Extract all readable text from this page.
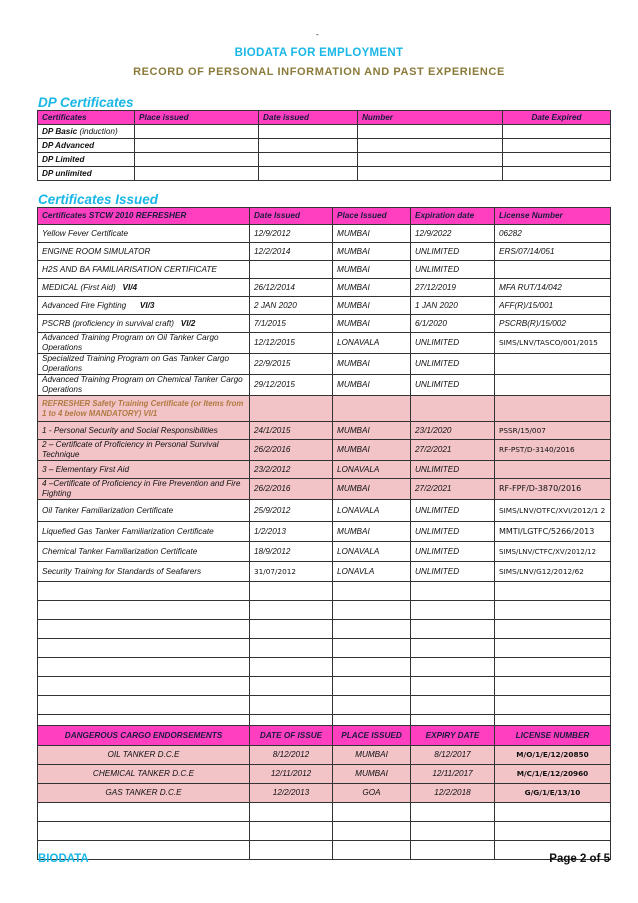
-
BIODATA FOR EMPLOYMENT
RECORD OF PERSONAL INFORMATION AND PAST EXPERIENCE
DP Certificates
Certificates	Place issued	Date issued	Number	Date Expired
DP Basic (induction)				
DP Advanced				
DP Limited				
DP unlimited				
Certificates Issued
Certificates STCW 2010 REFRESHER	Date Issued	Place Issued	Expiration date	License Number
Yellow Fever Certificate	12/9/2012	MUMBAI	12/9/2022	06282
ENGINE ROOM SIMULATOR	12/2/2014	MUMBAI	UNLIMITED	ERS/07/14/051
H2S AND BA FAMILIARISATION CERTIFICATE		MUMBAI	UNLIMITED	
MEDICAL (First Aid) VI/4	26/12/2014	MUMBAI	27/12/2019	MFA RUT/14/042
Advanced Fire Fighting VI/3	2 JAN 2020	MUMBAI	1 JAN 2020	AFF(R)/15/001
PSCRB (proficiency in survival craft) VI/2	7/1/2015	MUMBAI	6/1/2020	PSCRB(R)/15/002
Advanced Training Program on Oil Tanker Cargo Operations	12/12/2015	LONAVALA	UNLIMITED	SIMS/LNV/TASCO/001/2015
Specialized Training Program on Gas Tanker Cargo Operations	22/9/2015	MUMBAI	UNLIMITED	
Advanced Training Program on Chemical Tanker Cargo Operations	29/12/2015	MUMBAI	UNLIMITED	
REFRESHER Safety Training Certificate (or Items from 1 to 4 below MANDATORY) VI/1				
1 - Personal Security and Social Responsibilities	24/1/2015	MUMBAI	23/1/2020	PSSR/15/007
2 – Certificate of Proficiency in Personal Survival Technique	26/2/2016	MUMBAI	27/2/2021	RF-PST/D-3140/2016
3 – Elementary First Aid	23/2/2012	LONAVALA	UNLIMITED	
4 –Certificate of Proficiency in Fire Prevention and Fire Fighting	26/2/2016	MUMBAI	27/2/2021	RF-FPF/D-3870/2016
Oil Tanker Familiarization Certificate	25/9/2012	LONAVALA	UNLIMITED	SIMS/LNV/OTFC/XVI/2012/1 2
Liquefied Gas Tanker Familiarization Certificate	1/2/2013	MUMBAI	UNLIMITED	MMTI/LGTFC/5266/2013
Chemical Tanker Familiarization Certificate	18/9/2012	LONAVALA	UNLIMITED	SIMS/LNV/CTFC/XV/2012/12
Security Training for Standards of Seafarers	31/07/2012	LONAVLA	UNLIMITED	SIMS/LNV/G12/2012/62

DANGEROUS CARGO ENDORSEMENTS	DATE OF ISSUE	PLACE ISSUED	EXPIRY DATE	LICENSE NUMBER
OIL TANKER D.C.E	8/12/2012	MUMBAI	8/12/2017	M/O/1/E/12/20850
CHEMICAL TANKER D.C.E	12/11/2012	MUMBAI	12/11/2017	M/C/1/E/12/20960
GAS TANKER D.C.E	12/2/2013	GOA	12/2/2018	G/G/1/E/13/10

BIODATA	Page 2 of 5
